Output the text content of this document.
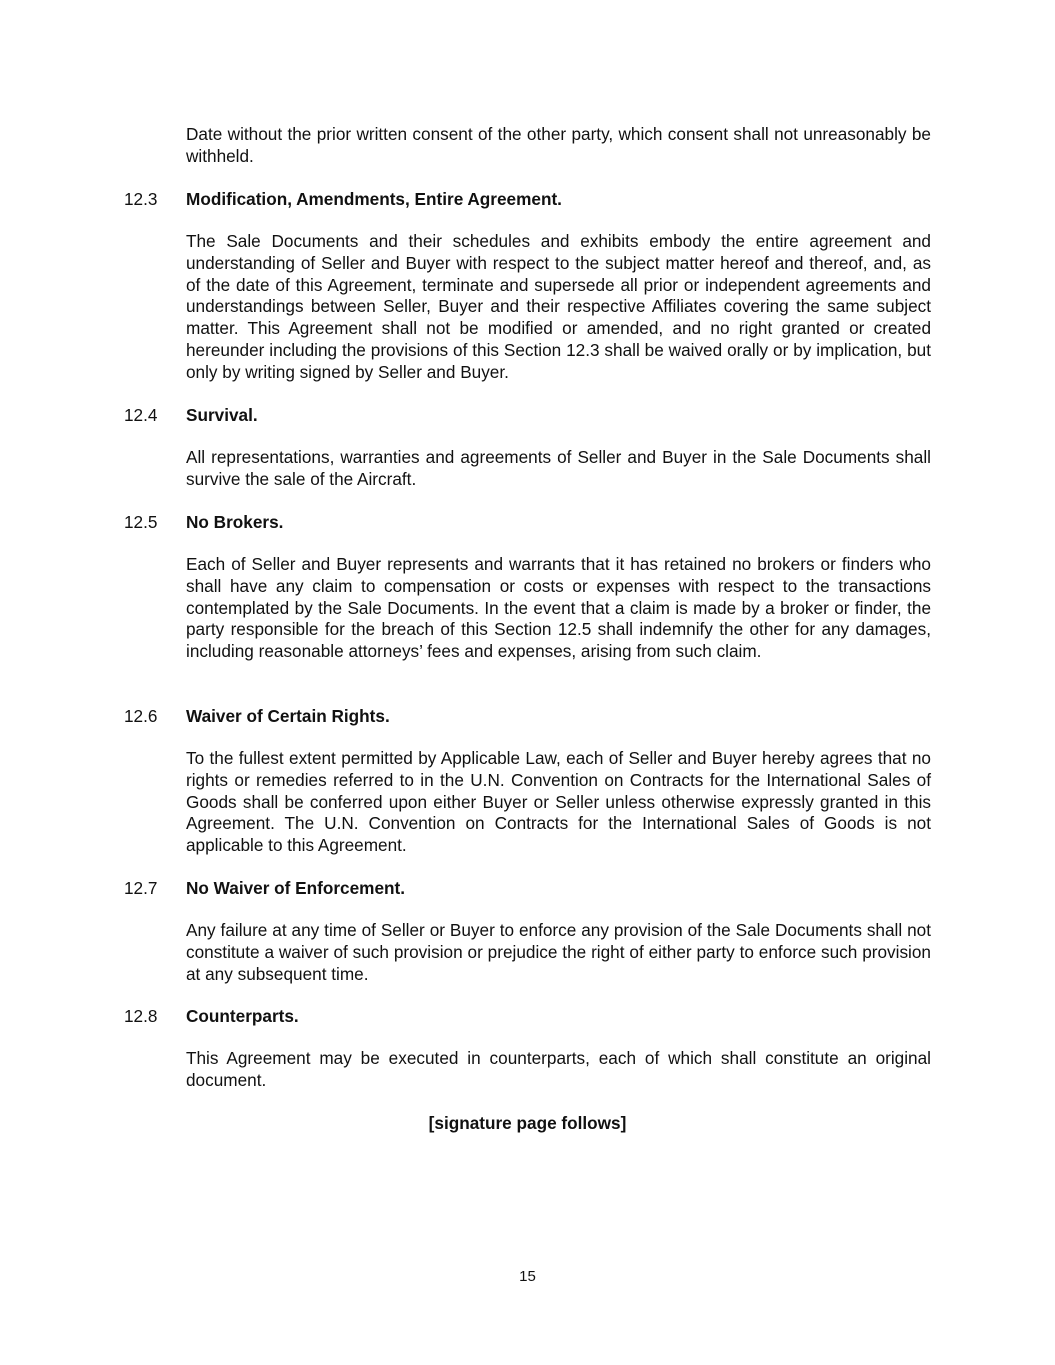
Date without the prior written consent of the other party, which consent shall not unreasonably be withheld.

12.3 Modification, Amendments, Entire Agreement.

The Sale Documents and their schedules and exhibits embody the entire agreement and understanding of Seller and Buyer with respect to the subject matter hereof and thereof, and, as of the date of this Agreement, terminate and supersede all prior or independent agreements and understandings between Seller, Buyer and their respective Affiliates covering the same subject matter. This Agreement shall not be modified or amended, and no right granted or created hereunder including the provisions of this Section 12.3 shall be waived orally or by implication, but only by writing signed by Seller and Buyer.

12.4 Survival.

All representations, warranties and agreements of Seller and Buyer in the Sale Documents shall survive the sale of the Aircraft.

12.5 No Brokers.

Each of Seller and Buyer represents and warrants that it has retained no brokers or finders who shall have any claim to compensation or costs or expenses with respect to the transactions contemplated by the Sale Documents. In the event that a claim is made by a broker or finder, the party responsible for the breach of this Section 12.5 shall indemnify the other for any damages, including reasonable attorneys’ fees and expenses, arising from such claim.

12.6 Waiver of Certain Rights.

To the fullest extent permitted by Applicable Law, each of Seller and Buyer hereby agrees that no rights or remedies referred to in the U.N. Convention on Contracts for the International Sales of Goods shall be conferred upon either Buyer or Seller unless otherwise expressly granted in this Agreement. The U.N. Convention on Contracts for the International Sales of Goods is not applicable to this Agreement.

12.7 No Waiver of Enforcement.

Any failure at any time of Seller or Buyer to enforce any provision of the Sale Documents shall not constitute a waiver of such provision or prejudice the right of either party to enforce such provision at any subsequent time.

12.8 Counterparts.

This Agreement may be executed in counterparts, each of which shall constitute an original document.

[signature page follows]

15
